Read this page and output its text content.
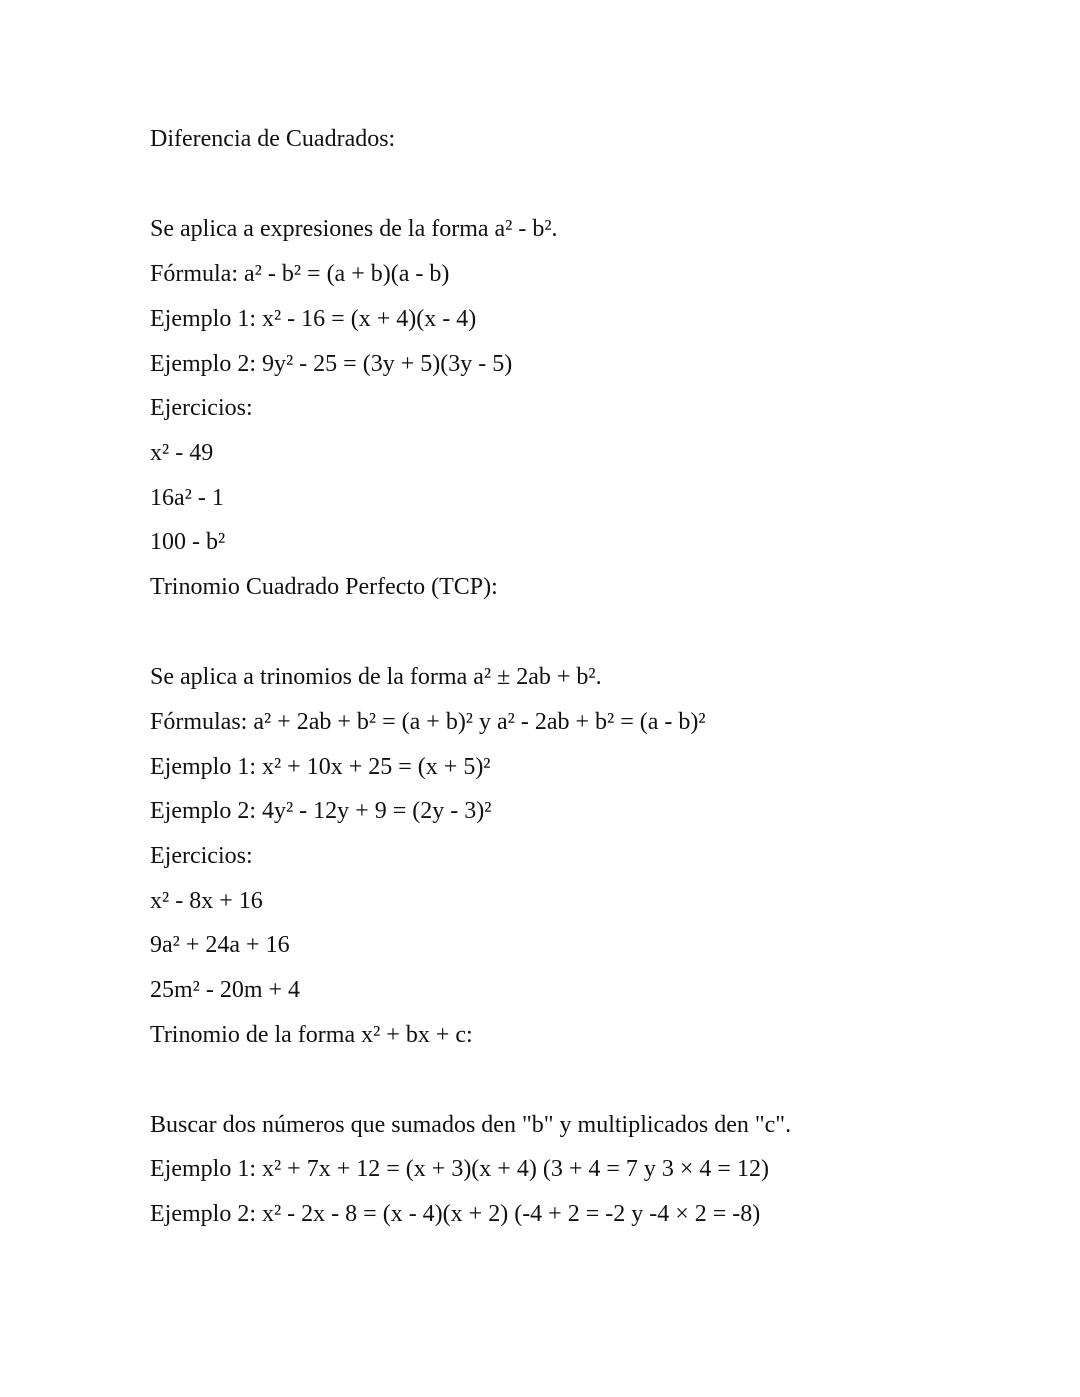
Diferencia de Cuadrados:

Se aplica a expresiones de la forma a² - b².

Fórmula: a² - b² = (a + b)(a - b)

Ejemplo 1: x² - 16 = (x + 4)(x - 4)

Ejemplo 2: 9y² - 25 = (3y + 5)(3y - 5)

Ejercicios:

x² - 49

16a² - 1

100 - b²

Trinomio Cuadrado Perfecto (TCP):

Se aplica a trinomios de la forma a² ± 2ab + b².

Fórmulas: a² + 2ab + b² = (a + b)² y a² - 2ab + b² = (a - b)²

Ejemplo 1: x² + 10x + 25 = (x + 5)²

Ejemplo 2: 4y² - 12y + 9 = (2y - 3)²

Ejercicios:

x² - 8x + 16

9a² + 24a + 16

25m² - 20m + 4

Trinomio de la forma x² + bx + c:

Buscar dos números que sumados den "b" y multiplicados den "c".

Ejemplo 1: x² + 7x + 12 = (x + 3)(x + 4) (3 + 4 = 7 y 3 × 4 = 12)

Ejemplo 2: x² - 2x - 8 = (x - 4)(x + 2) (-4 + 2 = -2 y -4 × 2 = -8)
